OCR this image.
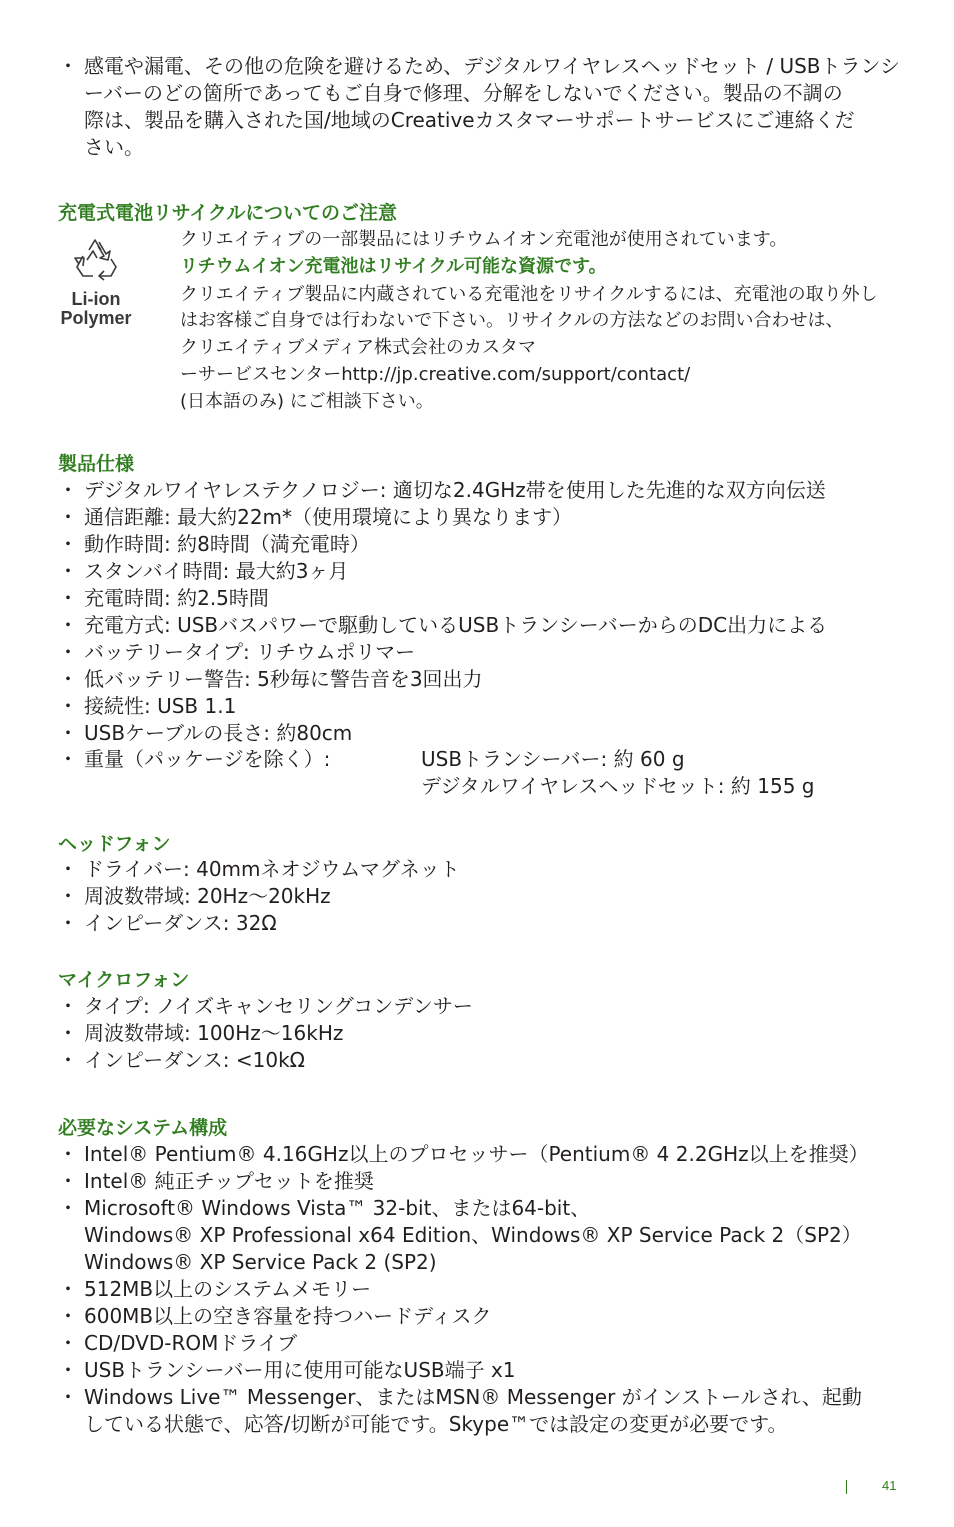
・ 感電や漏電、その他の危険を避けるため、デジタルワイヤレスヘッドセット / USBトランシ
ーバーのどの箇所であってもご自身で修理、分解をしないでください。製品の不調の
際は、製品を購入された国/地域のCreativeカスタマーサポートサービスにご連絡くだ
さい。
充電式電池リサイクルについてのご注意
Li-ion
Polymer
クリエイティブの一部製品にはリチウムイオン充電池が使用されています。
リチウムイオン充電池はリサイクル可能な資源です。
クリエイティブ製品に内蔵されている充電池をリサイクルするには、充電池の取り外し
はお客様ご自身では行わないで下さい。リサイクルの方法などのお問い合わせは、
クリエイティブメディア株式会社のカスタマ
ーサービスセンターhttp://jp.creative.com/support/contact/
(日本語のみ) にご相談下さい。
製品仕様
・ デジタルワイヤレステクノロジー: 適切な2.4GHz帯を使用した先進的な双方向伝送
・ 通信距離: 最大約22m*（使用環境により異なります）
・ 動作時間: 約8時間（満充電時）
・ スタンバイ時間: 最大約3ヶ月
・ 充電時間: 約2.5時間
・ 充電方式: USBバスパワーで駆動しているUSBトランシーバーからのDC出力による
・ バッテリータイプ: リチウムポリマー
・ 低バッテリー警告: 5秒毎に警告音を3回出力
・ 接続性: USB 1.1
・ USBケーブルの長さ: 約80cm
・ 重量（パッケージを除く）:	USBトランシーバー: 約 60 g
デジタルワイヤレスヘッドセット: 約 155 g
ヘッドフォン
・ ドライバー: 40mmネオジウムマグネット
・ 周波数帯域: 20Hz～20kHz
・ インピーダンス: 32Ω
マイクロフォン
・ タイプ: ノイズキャンセリングコンデンサー
・ 周波数帯域: 100Hz～16kHz
・ インピーダンス: <10kΩ
必要なシステム構成
・ Intel® Pentium® 4.16GHz以上のプロセッサー（Pentium® 4 2.2GHz以上を推奨）
・ Intel® 純正チップセットを推奨
・ Microsoft® Windows Vista™ 32-bit、または64-bit、
Windows® XP Professional x64 Edition、Windows® XP Service Pack 2（SP2）
Windows® XP Service Pack 2 (SP2)
・ 512MB以上のシステムメモリー
・ 600MB以上の空き容量を持つハードディスク
・ CD/DVD-ROMドライブ
・ USBトランシーバー用に使用可能なUSB端子 x1
・ Windows Live™ Messenger、またはMSN® Messenger がインストールされ、起動
している状態で、応答/切断が可能です。Skype™では設定の変更が必要です。
41
